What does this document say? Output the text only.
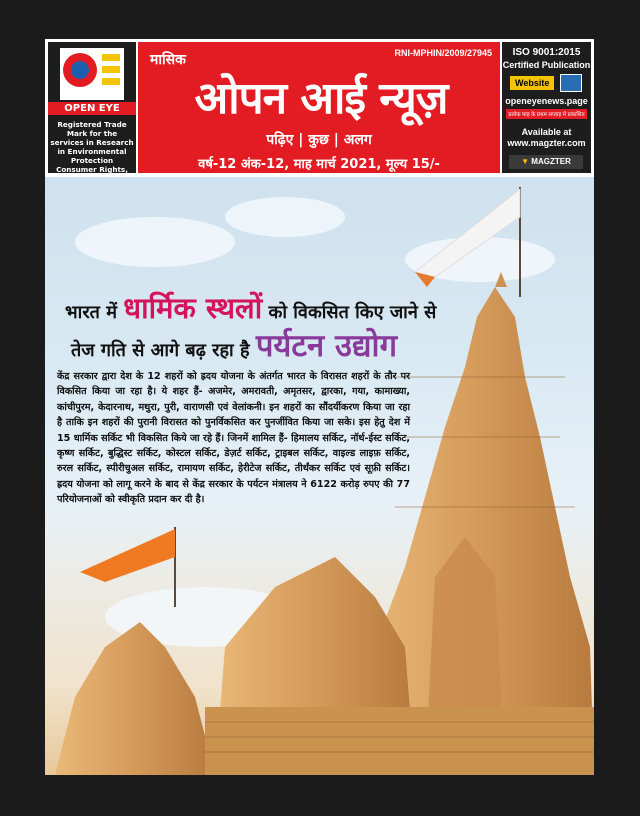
OPEN EYE
Registered Trade Mark for the services in Research in Environmental Protection Consumer Rights,
मासिक	RNI-MPHIN/2009/27945
ओपन आई न्यूज़
पढ़िए | कुछ | अलग
वर्ष-12 अंक-12, माह मार्च 2021, मूल्य 15/-
ISO 9001:2015
Certified Publication
Website
openeyenews.page
प्रत्येक माह के प्रथम सप्ताह में प्रकाशित
Available at www.magzter.com
▼ MAGZTER
भारत में धार्मिक स्थलों को विकसित किए जाने से
तेज गति से आगे बढ़ रहा है पर्यटन उद्योग
केंद्र सरकार द्वारा देश के 12 शहरों को ह्रदय योजना के अंतर्गत भारत के विरासत शहरों के तौर पर विकसित किया जा रहा है। ये शहर हैं- अजमेर, अमरावती, अमृतसर, द्वारका, गया, कामाख्या, कांचीपुरम, केदारनाथ, मथुरा, पुरी, वाराणसी एवं वेलांकनी। इन शहरों का सौंदर्यीकरण किया जा रहा है ताकि इन शहरों की पुरानी विरासत को पुनर्विकसित कर पुनर्जीवित किया जा सके। इस हेतु देश में 15 धार्मिक सर्किट भी विकसित किये जा रहे हैं। जिनमें शामिल हैं- हिमालय सर्किट, नॉर्थ-ईस्ट सर्किट, कृष्ण सर्किट, बुद्धिस्ट सर्किट, कोस्टल सर्किट, डेज़र्ट सर्किट, ट्राइबल सर्किट, वाइल्ड लाइफ़ सर्किट, रुरल सर्किट, स्पीरीचुअल सर्किट, रामायण सर्किट, हेरीटेज सर्किट, तीर्थंकर सर्किट एवं सूफ़ी सर्किट। ह्रदय योजना को लागू करने के बाद से केंद्र सरकार के पर्यटन मंत्रालय ने 6122 करोड़ रुपए की 77 परियोजनाओं को स्वीकृति प्रदान कर दी है।
